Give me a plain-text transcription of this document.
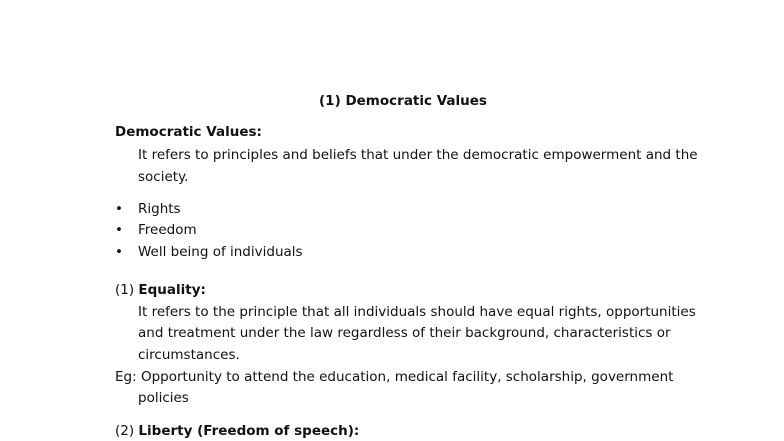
(1) Democratic Values
Democratic Values:
It refers to principles and beliefs that under the democratic empowerment and the
society.
• Rights
• Freedom
• Well being of individuals
(1) Equality:
It refers to the principle that all individuals should have equal rights, opportunities
and treatment under the law regardless of their background, characteristics or
circumstances.
Eg: Opportunity to attend the education, medical facility, scholarship, government
policies
(2) Liberty (Freedom of speech):
